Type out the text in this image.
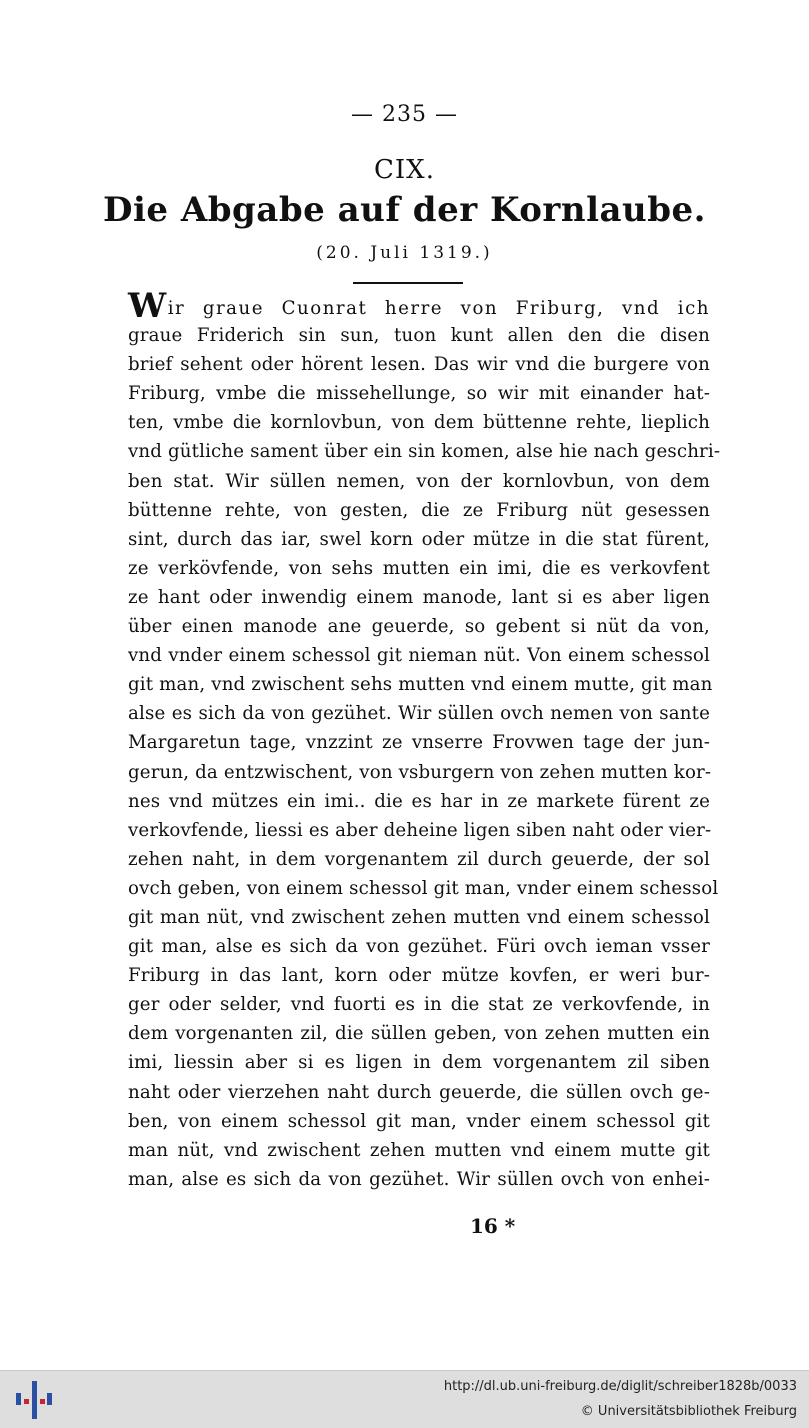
— 235 —
CIX.
Die Abgabe auf der Kornlaube.
(20. Juli 1319.)
Wir graue Cuonrat herre von Friburg, vnd ich
graue Friderich sin sun, tuon kunt allen den die disen
brief sehent oder hörent lesen. Das wir vnd die burgere von
Friburg, vmbe die missehellunge, so wir mit einander hat-
ten, vmbe die kornlovbun, von dem büttenne rehte, lieplich
vnd gütliche sament über ein sin komen, alse hie nach geschri-
ben stat. Wir süllen nemen, von der kornlovbun, von dem
büttenne rehte, von gesten, die ze Friburg nüt gesessen
sint, durch das iar, swel korn oder mütze in die stat fürent,
ze verkövfende, von sehs mutten ein imi, die es verkovfent
ze hant oder inwendig einem manode, lant si es aber ligen
über einen manode ane geuerde, so gebent si nüt da von,
vnd vnder einem schessol git nieman nüt. Von einem schessol
git man, vnd zwischent sehs mutten vnd einem mutte, git man
alse es sich da von gezühet. Wir süllen ovch nemen von sante
Margaretun tage, vnzzint ze vnserre Frovwen tage der jun-
gerun, da entzwischent, von vsburgern von zehen mutten kor-
nes vnd mützes ein imi.. die es har in ze markete fürent ze
verkovfende, liessi es aber deheine ligen siben naht oder vier-
zehen naht, in dem vorgenantem zil durch geuerde, der sol
ovch geben, von einem schessol git man, vnder einem schessol
git man nüt, vnd zwischent zehen mutten vnd einem schessol
git man, alse es sich da von gezühet. Füri ovch ieman vsser
Friburg in das lant, korn oder mütze kovfen, er weri bur-
ger oder selder, vnd fuorti es in die stat ze verkovfende, in
dem vorgenanten zil, die süllen geben, von zehen mutten ein
imi, liessin aber si es ligen in dem vorgenantem zil siben
naht oder vierzehen naht durch geuerde, die süllen ovch ge-
ben, von einem schessol git man, vnder einem schessol git
man nüt, vnd zwischent zehen mutten vnd einem mutte git
man, alse es sich da von gezühet. Wir süllen ovch von enhei-
16 *
http://dl.ub.uni-freiburg.de/diglit/schreiber1828b/0033
© Universitätsbibliothek Freiburg
